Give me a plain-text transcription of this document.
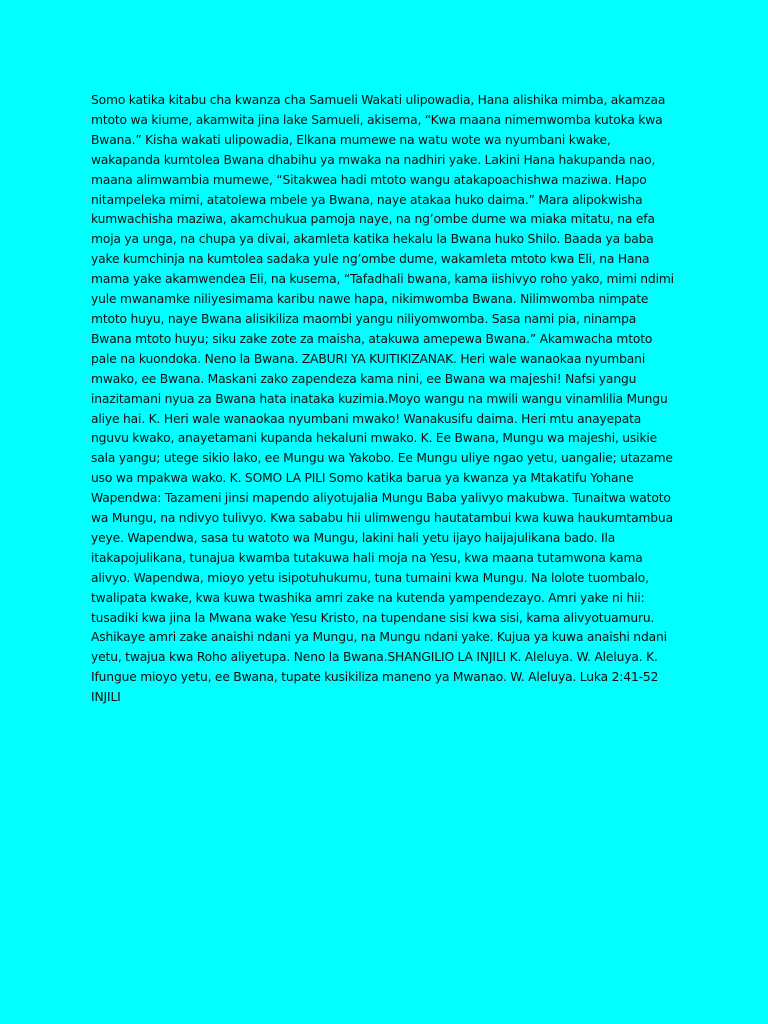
Somo katika kitabu cha kwanza cha Samueli Wakati ulipowadia, Hana alishika mimba, akamzaa mtoto wa kiume, akamwita jina lake Samueli, akisema, “Kwa maana nimemwomba kutoka kwa Bwana.” Kisha wakati ulipowadia, Elkana mumewe na watu wote wa nyumbani kwake, wakapanda kumtolea Bwana dhabihu ya mwaka na nadhiri yake. Lakini Hana hakupanda nao, maana alimwambia mumewe, “Sitakwea hadi mtoto wangu atakapoachishwa maziwa. Hapo nitampeleka mimi, atatolewa mbele ya Bwana, naye atakaa huko daima.” Mara alipokwisha kumwachisha maziwa, akamchukua pamoja naye, na ng’ombe dume wa miaka mitatu, na efa moja ya unga, na chupa ya divai, akamleta katika hekalu la Bwana huko Shilo. Baada ya baba yake kumchinja na kumtolea sadaka yule ng’ombe dume, wakamleta mtoto kwa Eli, na Hana mama yake akamwendea Eli, na kusema, “Tafadhali bwana, kama iishivyo roho yako, mimi ndimi yule mwanamke niliyesimama karibu nawe hapa, nikimwomba Bwana. Nilimwomba nimpate mtoto huyu, naye Bwana alisikiliza maombi yangu niliyomwomba. Sasa nami pia, ninampa Bwana mtoto huyu; siku zake zote za maisha, atakuwa amepewa Bwana.” Akamwacha mtoto pale na kuondoka. Neno la Bwana. ZABURI YA KUITIKIZANAK. Heri wale wanaokaa nyumbani mwako, ee Bwana. Maskani zako zapendeza kama nini, ee Bwana wa majeshi! Nafsi yangu inazitamani nyua za Bwana hata inataka kuzimia.Moyo wangu na mwili wangu vinamlilia Mungu aliye hai. K. Heri wale wanaokaa nyumbani mwako! Wanakusifu daima. Heri mtu anayepata nguvu kwako, anayetamani kupanda hekaluni mwako. K. Ee Bwana, Mungu wa majeshi, usikie sala yangu; utege sikio lako, ee Mungu wa Yakobo. Ee Mungu uliye ngao yetu, uangalie; utazame uso wa mpakwa wako. K. SOMO LA PILI Somo katika barua ya kwanza ya Mtakatifu Yohane Wapendwa: Tazameni jinsi mapendo aliyotujalia Mungu Baba yalivyo makubwa. Tunaitwa watoto wa Mungu, na ndivyo tulivyo. Kwa sababu hii ulimwengu hautatambui kwa kuwa haukumtambua yeye. Wapendwa, sasa tu watoto wa Mungu, lakini hali yetu ijayo haijajulikana bado. Ila itakapojulikana, tunajua kwamba tutakuwa hali moja na Yesu, kwa maana tutamwona kama alivyo. Wapendwa, mioyo yetu isipotuhukumu, tuna tumaini kwa Mungu. Na lolote tuombalo, twalipata kwake, kwa kuwa twashika amri zake na kutenda yampendezayo. Amri yake ni hii: tusadiki kwa jina la Mwana wake Yesu Kristo, na tupendane sisi kwa sisi, kama alivyotuamuru. Ashikaye amri zake anaishi ndani ya Mungu, na Mungu ndani yake. Kujua ya kuwa anaishi ndani yetu, twajua kwa Roho aliyetupa. Neno la Bwana.SHANGILIO LA INJILI K. Aleluya. W. Aleluya. K. Ifungue mioyo yetu, ee Bwana, tupate kusikiliza maneno ya Mwanao. W. Aleluya. Luka 2:41-52 INJILI
